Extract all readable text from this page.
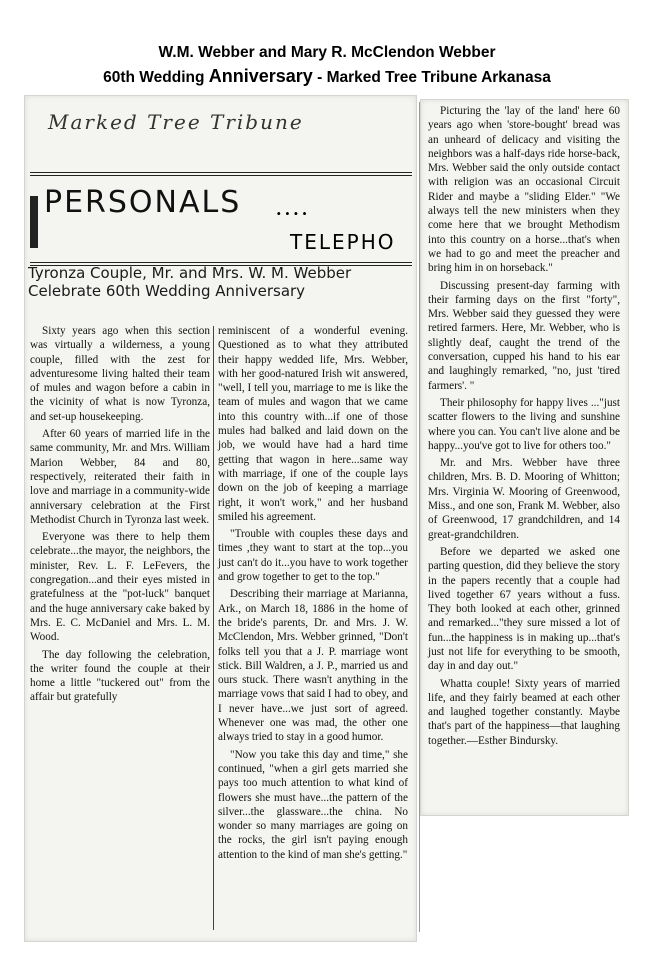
W.M. Webber and Mary R. McClendon Webber
60th Wedding Anniversary - Marked Tree Tribune Arkanasa
Marked Tree Tribune
PERSONALS ....
TELEPHO
Tyronza Couple, Mr. and Mrs. W. M. Webber
Celebrate 60th Wedding Anniversary

Sixty years ago when this section was virtually a wilderness, a young couple, filled with the zest for adventuresome living halted their team of mules and wagon before a cabin in the vicinity of what is now Tyronza, and set-up housekeeping.

After 60 years of married life in the same community, Mr. and Mrs. William Marion Webber, 84 and 80, respectively, reiterated their faith in love and marriage in a community-wide anniversary celebration at the First Methodist Church in Tyronza last week.

Everyone was there to help them celebrate...the mayor, the neighbors, the minister, Rev. L. F. LeFevers, the congregation...and their eyes misted in gratefulness at the "pot-luck" banquet and the huge anniversary cake baked by Mrs. E. C. McDaniel and Mrs. L. M. Wood.

The day following the celebration, the writer found the couple at their home a little "tuckered out" from the affair but gratefully

reminiscent of a wonderful evening. Questioned as to what they attributed their happy wedded life, Mrs. Webber, with her good-natured Irish wit answered, "well, I tell you, marriage to me is like the team of mules and wagon that we came into this country with...if one of those mules had balked and laid down on the job, we would have had a hard time getting that wagon in here...same way with marriage, if one of the couple lays down on the job of keeping a marriage right, it won't work," and her husband smiled his agreement.

"Trouble with couples these days and times ,they want to start at the top...you just can't do it...you have to work together and grow together to get to the top."

Describing their marriage at Marianna, Ark., on March 18, 1886 in the home of the bride's parents, Dr. and Mrs. J. W. McClendon, Mrs. Webber grinned, "Don't folks tell you that a J. P. marriage wont stick. Bill Waldren, a J. P., married us and ours stuck. There wasn't anything in the marriage vows that said I had to obey, and I never have...we just sort of agreed. Whenever one was mad, the other one always tried to stay in a good humor.

"Now you take this day and time," she continued, "when a girl gets married she pays too much attention to what kind of flowers she must have...the pattern of the silver...the glassware...the china. No wonder so many marriages are going on the rocks, the girl isn't paying enough attention to the kind of man she's getting."

Picturing the 'lay of the land' here 60 years ago when 'store-bought' bread was an unheard of delicacy and visiting the neighbors was a half-days ride horse-back, Mrs. Webber said the only outside contact with religion was an occasional Circuit Rider and maybe a "sliding Elder." "We always tell the new ministers when they come here that we brought Methodism into this country on a horse...that's when we had to go and meet the preacher and bring him in on horseback."

Discussing present-day farming with their farming days on the first "forty", Mrs. Webber said they guessed they were retired farmers. Here, Mr. Webber, who is slightly deaf, caught the trend of the conversation, cupped his hand to his ear and laughingly remarked, "no, just 'tired farmers'. "

Their philosophy for happy lives ..."just scatter flowers to the living and sunshine where you can. You can't live alone and be happy...you've got to live for others too."

Mr. and Mrs. Webber have three children, Mrs. B. D. Mooring of Whitton; Mrs. Virginia W. Mooring of Greenwood, Miss., and one son, Frank M. Webber, also of Greenwood, 17 grandchildren, and 14 great-grandchildren.

Before we departed we asked one parting question, did they believe the story in the papers recently that a couple had lived together 67 years without a fuss. They both looked at each other, grinned and remarked..."they sure missed a lot of fun...the happiness is in making up...that's just not life for everything to be smooth, day in and day out."

Whatta couple! Sixty years of married life, and they fairly beamed at each other and laughed together constantly. Maybe that's part of the happiness—that laughing together.—Esther Bindursky.
